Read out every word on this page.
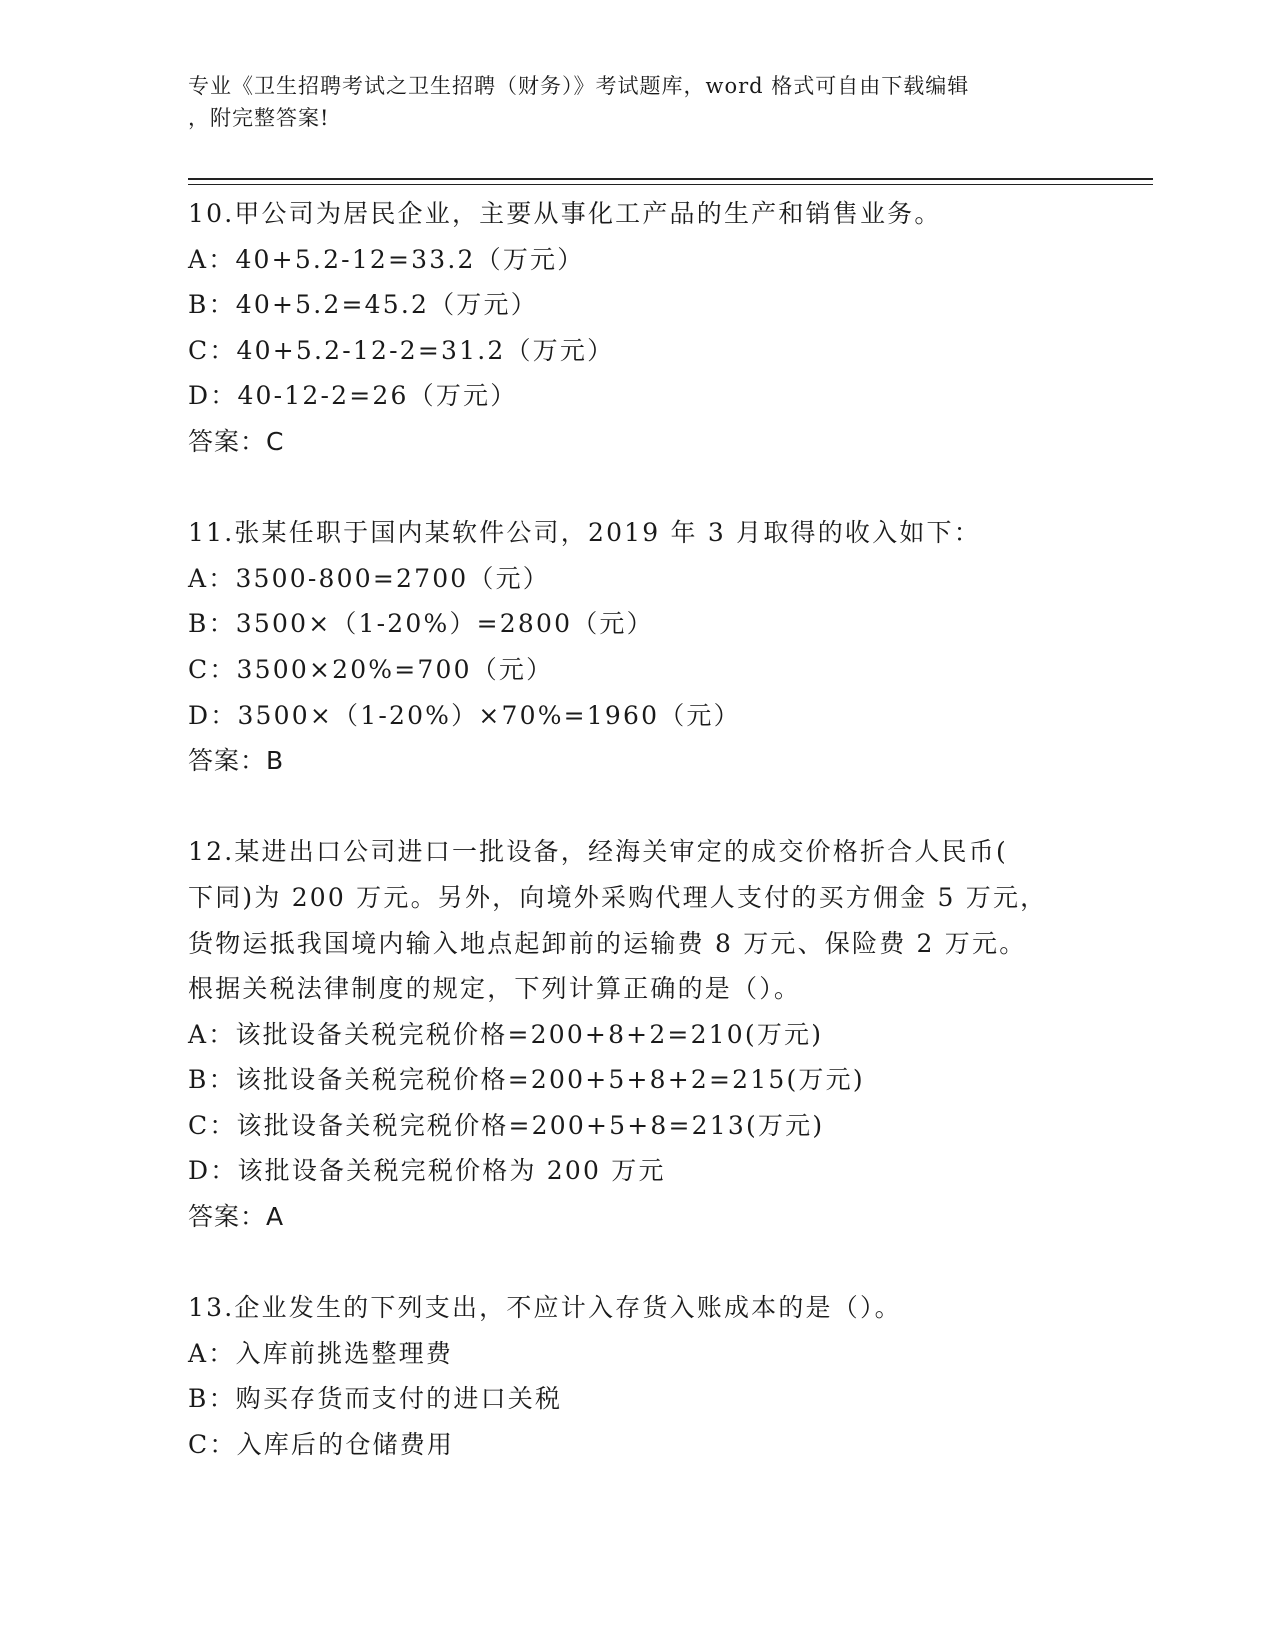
专业《卫生招聘考试之卫生招聘（财务）》考试题库，word 格式可自由下载编辑
，附完整答案!
10.甲公司为居民企业，主要从事化工产品的生产和销售业务。
A：40+5.2-12=33.2（万元）
B：40+5.2=45.2（万元）
C：40+5.2-12-2=31.2（万元）
D：40-12-2=26（万元）
答案：C
11.张某任职于国内某软件公司，2019 年 3 月取得的收入如下：
A：3500-800=2700（元）
B：3500×（1-20%）=2800（元）
C：3500×20%=700（元）
D：3500×（1-20%）×70%=1960（元）
答案：B
12.某进出口公司进口一批设备，经海关审定的成交价格折合人民币(
下同)为 200 万元。另外，向境外采购代理人支付的买方佣金 5 万元，
货物运抵我国境内输入地点起卸前的运输费 8 万元、保险费 2 万元。
根据关税法律制度的规定，下列计算正确的是（）。
A：该批设备关税完税价格=200+8+2=210(万元)
B：该批设备关税完税价格=200+5+8+2=215(万元)
C：该批设备关税完税价格=200+5+8=213(万元)
D：该批设备关税完税价格为 200 万元
答案：A
13.企业发生的下列支出，不应计入存货入账成本的是（）。
A：入库前挑选整理费
B：购买存货而支付的进口关税
C：入库后的仓储费用
